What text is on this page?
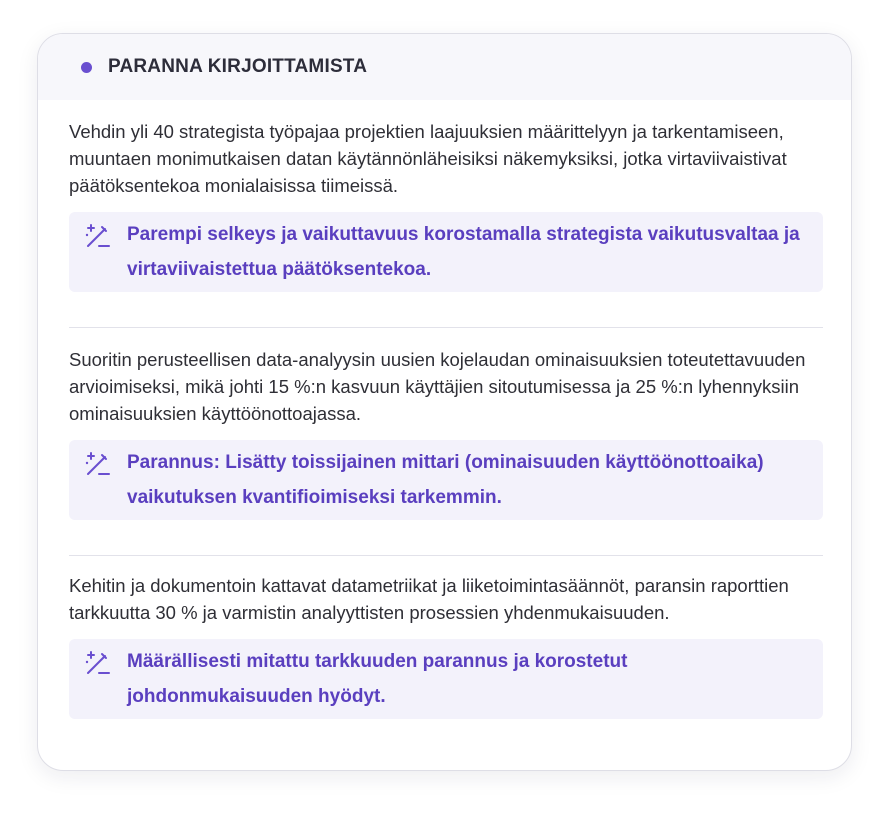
PARANNA KIRJOITTAMISTA

Vehdin yli 40 strategista työpajaa projektien laajuuksien määrittelyyn ja tarkentamiseen, muuntaen monimutkaisen datan käytännönläheisiksi näkemyksiksi, jotka virtaviivaistivat päätöksentekoa monialaisissa tiimeissä.

Parempi selkeys ja vaikuttavuus korostamalla strategista vaikutusvaltaa ja virtaviivaistettua päätöksentekoa.

Suoritin perusteellisen data-analyysin uusien kojelaudan ominaisuuksien toteutettavuuden arvioimiseksi, mikä johti 15 %:n kasvuun käyttäjien sitoutumisessa ja 25 %:n lyhennyksiin ominaisuuksien käyttöönottoajassa.

Parannus: Lisätty toissijainen mittari (ominaisuuden käyttöönottoaika) vaikutuksen kvantifioimiseksi tarkemmin.

Kehitin ja dokumentoin kattavat datametriikat ja liiketoimintasäännöt, paransin raporttien tarkkuutta 30 % ja varmistin analyyttisten prosessien yhdenmukaisuuden.

Määrällisesti mitattu tarkkuuden parannus ja korostetut johdonmukaisuuden hyödyt.
